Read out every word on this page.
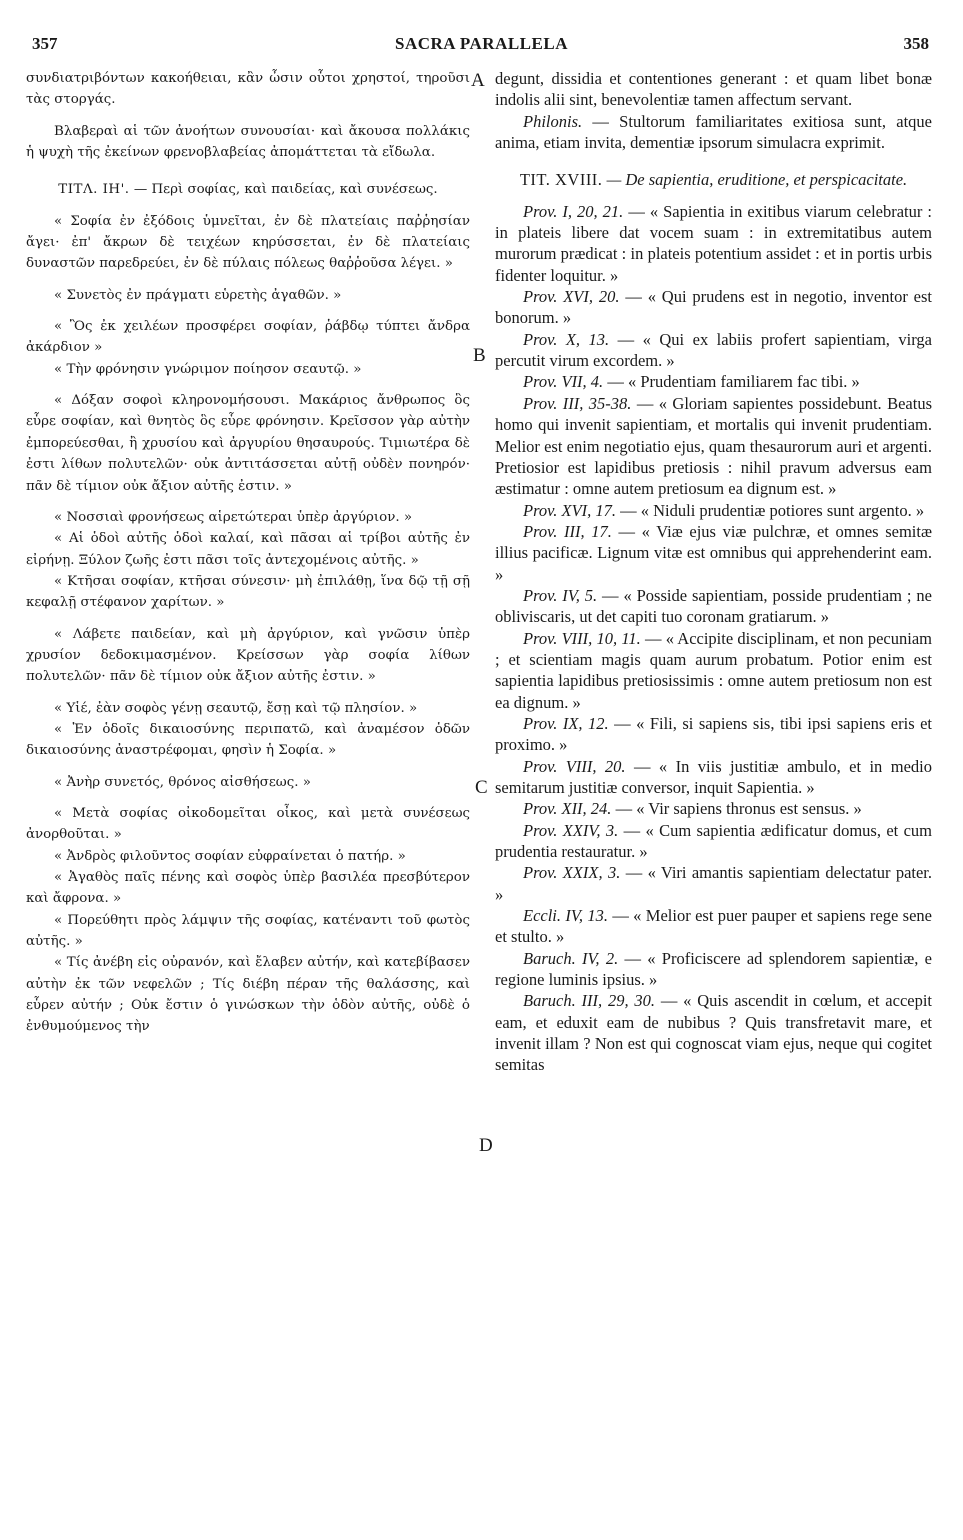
357	SACRA PARALLELA	358
A
B
C
D

συνδιατριβόντων κακοήθειαι, κἂν ὦσιν οὗτοι χρηστοί, τηροῦσι τὰς στοργάς.

Βλαβεραὶ αἱ τῶν ἀνοήτων συνουσίαι· καὶ ἄκουσα πολλάκις ἡ ψυχὴ τῆς ἐκείνων φρενοβλαβείας ἀπομάττεται τὰ εἴδωλα.

ΤΙΤΛ. ΙΗ'. — Περὶ σοφίας, καὶ παιδείας, καὶ συνέσεως.

« Σοφία ἐν ἐξόδοις ὑμνεῖται, ἐν δὲ πλατείαις παῤῥησίαν ἄγει· ἐπ' ἄκρων δὲ τειχέων κηρύσσεται, ἐν δὲ πλατείαις δυναστῶν παρεδρεύει, ἐν δὲ πύλαις πόλεως θαῤῥοῦσα λέγει. »

« Συνετὸς ἐν πράγματι εὑρετὴς ἀγαθῶν. »

« Ὃς ἐκ χειλέων προσφέρει σοφίαν, ῥάβδῳ τύπτει ἄνδρα ἀκάρδιον »

« Τὴν φρόνησιν γνώριμον ποίησον σεαυτῷ. »

« Δόξαν σοφοὶ κληρονομήσουσι. Μακάριος ἄνθρωπος ὃς εὗρε σοφίαν, καὶ θνητὸς ὃς εὗρε φρόνησιν. Κρεῖσσον γὰρ αὐτὴν ἐμπορεύεσθαι, ἢ χρυσίου καὶ ἀργυρίου θησαυρούς. Τιμιωτέρα δὲ ἐστι λίθων πολυτελῶν· οὐκ ἀντιτάσσεται αὐτῇ οὐδὲν πονηρόν· πᾶν δὲ τίμιον οὐκ ἄξιον αὐτῆς ἐστιν. »

« Νοσσιαὶ φρονήσεως αἱρετώτεραι ὑπὲρ ἀργύριον. »

« Αἱ ὁδοὶ αὐτῆς ὁδοὶ καλαί, καὶ πᾶσαι αἱ τρίβοι αὐτῆς ἐν εἰρήνῃ. Ξύλον ζωῆς ἐστι πᾶσι τοῖς ἀντεχομένοις αὐτῆς. »

« Κτῆσαι σοφίαν, κτῆσαι σύνεσιν· μὴ ἐπιλάθῃ, ἵνα δῷ τῇ σῇ κεφαλῇ στέφανον χαρίτων. »

« Λάβετε παιδείαν, καὶ μὴ ἀργύριον, καὶ γνῶσιν ὑπὲρ χρυσίον δεδοκιμασμένον. Κρείσσων γὰρ σοφία λίθων πολυτελῶν· πᾶν δὲ τίμιον οὐκ ἄξιον αὐτῆς ἐστιν. »

« Υἱέ, ἐὰν σοφὸς γένῃ σεαυτῷ, ἔσῃ καὶ τῷ πλησίον. »

« Ἐν ὁδοῖς δικαιοσύνης περιπατῶ, καὶ ἀναμέσον ὁδῶν δικαιοσύνης ἀναστρέφομαι, φησὶν ἡ Σοφία. »

« Ἀνὴρ συνετός, θρόνος αἰσθήσεως. »

« Μετὰ σοφίας οἰκοδομεῖται οἶκος, καὶ μετὰ συνέσεως ἀνορθοῦται. »

« Ἀνδρὸς φιλοῦντος σοφίαν εὐφραίνεται ὁ πατήρ. »

« Ἀγαθὸς παῖς πένης καὶ σοφὸς ὑπὲρ βασιλέα πρεσβύτερον καὶ ἄφρονα. »

« Πορεύθητι πρὸς λάμψιν τῆς σοφίας, κατέναντι τοῦ φωτὸς αὐτῆς. »

« Τίς ἀνέβη εἰς οὐρανόν, καὶ ἔλαβεν αὐτήν, καὶ κατεβίβασεν αὐτὴν ἐκ τῶν νεφελῶν ; Τίς διέβη πέραν τῆς θαλάσσης, καὶ εὗρεν αὐτήν ; Οὐκ ἔστιν ὁ γινώσκων τὴν ὁδὸν αὐτῆς, οὐδὲ ὁ ἐνθυμούμενος τὴν

degunt, dissidia et contentiones generant : et quam libet bonæ indolis alii sint, benevolentiæ tamen affectum servant.

Philonis. — Stultorum familiaritates exitiosa sunt, atque anima, etiam invita, dementiæ ipsorum simulacra exprimit.

TIT. XVIII. — De sapientia, eruditione, et perspicacitate.

Prov. I, 20, 21. — « Sapientia in exitibus viarum celebratur : in plateis libere dat vocem suam : in extremitatibus autem murorum prædicat : in plateis potentium assidet : et in portis urbis fidenter loquitur. »

Prov. XVI, 20. — « Qui prudens est in negotio, inventor est bonorum. »

Prov. X, 13. — « Qui ex labiis profert sapientiam, virga percutit virum excordem. »

Prov. VII, 4. — « Prudentiam familiarem fac tibi. »

Prov. III, 35-38. — « Gloriam sapientes possidebunt. Beatus homo qui invenit sapientiam, et mortalis qui invenit prudentiam. Melior est enim negotiatio ejus, quam thesaurorum auri et argenti. Pretiosior est lapidibus pretiosis : nihil pravum adversus eam æstimatur : omne autem pretiosum ea dignum est. »

Prov. XVI, 17. — « Niduli prudentiæ potiores sunt argento. »

Prov. III, 17. — « Viæ ejus viæ pulchræ, et omnes semitæ illius pacificæ. Lignum vitæ est omnibus qui apprehenderint eam. »

Prov. IV, 5. — « Posside sapientiam, posside prudentiam ; ne obliviscaris, ut det capiti tuo coronam gratiarum. »

Prov. VIII, 10, 11. — « Accipite disciplinam, et non pecuniam ; et scientiam magis quam aurum probatum. Potior enim est sapientia lapidibus pretiosissimis : omne autem pretiosum non est ea dignum. »

Prov. IX, 12. — « Fili, si sapiens sis, tibi ipsi sapiens eris et proximo. »

Prov. VIII, 20. — « In viis justitiæ ambulo, et in medio semitarum justitiæ conversor, inquit Sapientia. »

Prov. XII, 24. — « Vir sapiens thronus est sensus. »

Prov. XXIV, 3. — « Cum sapientia ædificatur domus, et cum prudentia restauratur. »

Prov. XXIX, 3. — « Viri amantis sapientiam delectatur pater. »

Eccli. IV, 13. — « Melior est puer pauper et sapiens rege sene et stulto. »

Baruch. IV, 2. — « Proficiscere ad splendorem sapientiæ, e regione luminis ipsius. »

Baruch. III, 29, 30. — « Quis ascendit in cœlum, et accepit eam, et eduxit eam de nubibus ? Quis transfretavit mare, et invenit illam ? Non est qui cognoscat viam ejus, neque qui cogitet semitas
